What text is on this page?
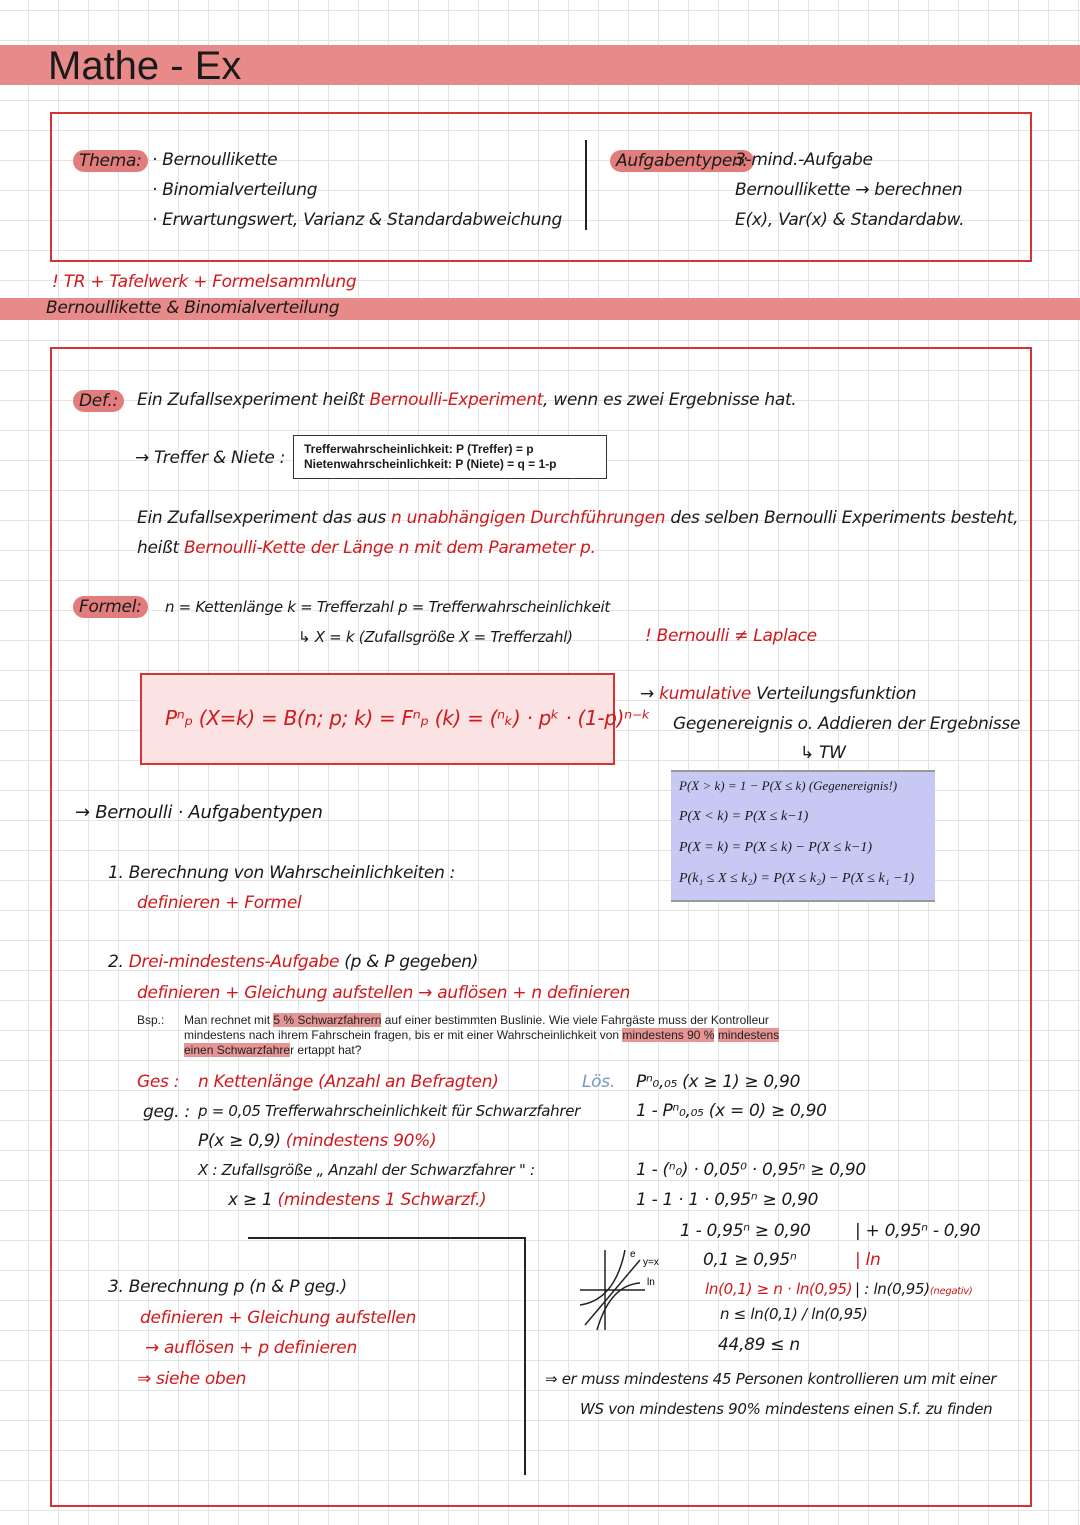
Mathe - Ex
Thema: · Bernoullikette
· Binomialverteilung
· Erwartungswert, Varianz & Standardabweichung
Aufgabentypen:
3-mind.-Aufgabe
Bernoullikette → berechnen
E(x), Var(x) & Standardabw.
! TR + Tafelwerk + Formelsammlung
Bernoullikette & Binomialverteilung
Def.:	Ein Zufallsexperiment heißt Bernoulli-Experiment, wenn es zwei Ergebnisse hat.
→ Treffer & Niete : Trefferwahrscheinlichkeit: P (Treffer) = p
Nietenwahrscheinlichkeit: P (Niete) = q = 1-p
Ein Zufallsexperiment das aus n unabhängigen Durchführungen des selben Bernoulli Experiments besteht,
heißt Bernoulli-Kette der Länge n mit dem Parameter p.
Formel:	n = Kettenlänge k = Trefferzahl p = Trefferwahrscheinlichkeit
↳ X = k (Zufallsgröße X = Trefferzahl)	! Bernoulli ≠ Laplace
Pⁿₚ (X=k) = B(n; p; k) = Fⁿₚ (k) = (ⁿₖ) · pᵏ · (1-p)ⁿ⁻ᵏ
→ kumulative Verteilungsfunktion
Gegenereignis o. Addieren der Ergebnisse
↳ TW
P(X > k) = 1 − P(X ≤ k) (Gegenereignis!)
P(X < k) = P(X ≤ k−1)
P(X = k) = P(X ≤ k) − P(X ≤ k−1)
P(k₁ ≤ X ≤ k₂) = P(X ≤ k₂) − P(X ≤ k₁ −1)
→ Bernoulli · Aufgabentypen
1. Berechnung von Wahrscheinlichkeiten :
definieren + Formel
2. Drei-mindestens-Aufgabe (p & P gegeben)
definieren + Gleichung aufstellen → auflösen + n definieren
Bsp.: Man rechnet mit 5 % Schwarzfahrern auf einer bestimmten Buslinie. Wie viele Fahrgäste muss der Kontrolleur
mindestens nach ihrem Fahrschein fragen, bis er mit einer Wahrscheinlichkeit von mindestens 90 % mindestens
einen Schwarzfahrer ertappt hat?
Ges : n Kettenlänge (Anzahl an Befragten)
geg. : p = 0,05 Trefferwahrscheinlichkeit für Schwarzfahrer
P(x ≥ 0,9) (mindestens 90%)
X : Zufallsgröße „ Anzahl der Schwarzfahrer " :
x ≥ 1 (mindestens 1 Schwarzf.)
Lös. Pⁿ₀,₀₅ (x ≥ 1) ≥ 0,90
1 - Pⁿ₀,₀₅ (x = 0) ≥ 0,90
1 - (ⁿ₀) · 0,05⁰ · 0,95ⁿ ≥ 0,90
1 - 1 · 1 · 0,95ⁿ ≥ 0,90
1 - 0,95ⁿ ≥ 0,90	| + 0,95ⁿ - 0,90
0,1 ≥ 0,95ⁿ	| ln
ln(0,1) ≥ n · ln(0,95) | : ln(0,95)(negativ)
n ≤ ln(0,1) / ln(0,95)
44,89 ≤ n
e
y=x
ln
3. Berechnung p (n & P geg.)
definieren + Gleichung aufstellen
→ auflösen + p definieren
⇒ siehe oben	⇒ er muss mindestens 45 Personen kontrollieren um mit einer
WS von mindestens 90% mindestens einen S.f. zu finden
